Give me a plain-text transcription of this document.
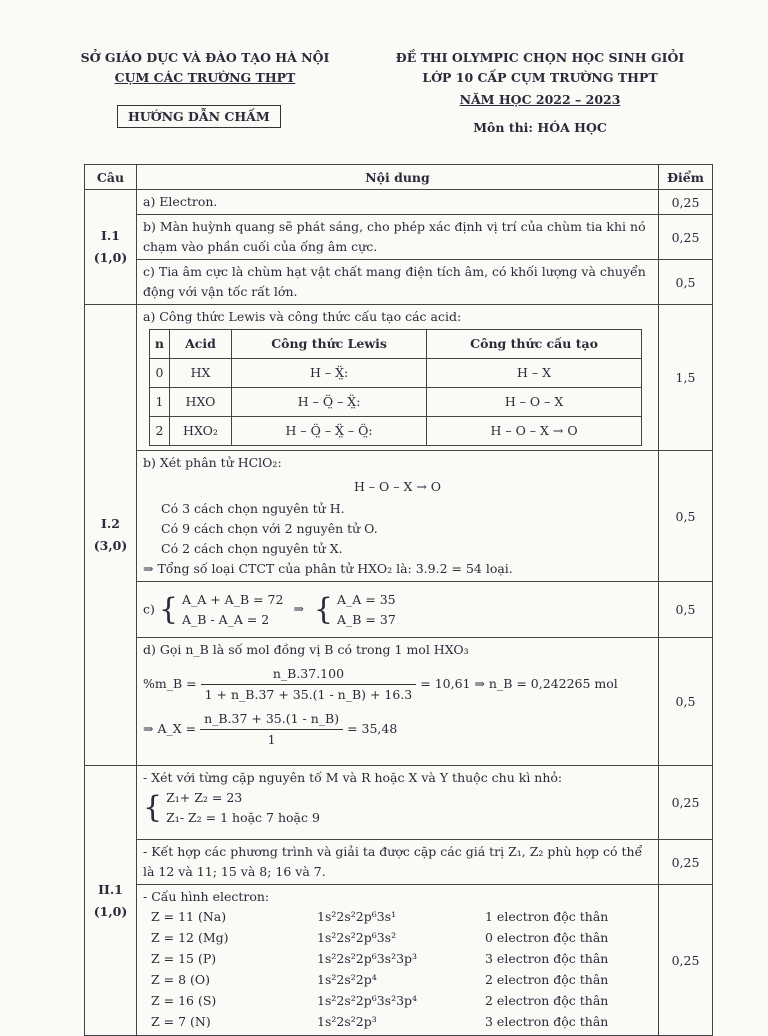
SỞ GIÁO DỤC VÀ ĐÀO TẠO HÀ NỘI
CỤM CÁC TRƯỜNG THPT
HƯỚNG DẪN CHẤM
ĐỀ THI OLYMPIC CHỌN HỌC SINH GIỎI
LỚP 10 CẤP CỤM TRƯỜNG THPT
NĂM HỌC 2022 – 2023
Môn thi: HÓA HỌC
Câu	Nội dung	Điểm

I.1
(1,0)
	a) Electron.	0,25
b) Màn huỳnh quang sẽ phát sáng, cho phép xác định vị trí của chùm tia khi nó chạm vào phần cuối của ống âm cực.	0,25
c) Tia âm cực là chùm hạt vật chất mang điện tích âm, có khối lượng và chuyển động với vận tốc rất lớn.	0,5

I.2
(3,0)

a) Công thức Lewis và công thức cấu tạo các acid:
n	Acid	Công thức Lewis	Công thức cấu tạo
0	HX	H – Ẍ̤:	H – X
1	HXO	H – Ö̤ – Ẍ̤:	H – O – X
2	HXO₂	H – Ö̤ – Ẍ̤ – Ö̤:	H – O – X → O
	1,5

b) Xét phân tử HClO₂:
H – O – X → O
Có 3 cách chọn nguyên tử H.
Có 9 cách chọn với 2 nguyên tử O.
Có 2 cách chọn nguyên tử X.
⇒ Tổng số loại CTCT của phân tử HXO₂ là: 3.9.2 = 54 loại.
	0,5
c) { A_A + A_B = 72
A_B - A_A = 2
⇒ { A_A = 35
A_B = 37
	0,5

d) Gọi n_B là số mol đồng vị B có trong 1 mol HXO₃
%m_B = $\frac{n\_B.37.100}{1 + n\_B.37 + 35.(1 - n\_B) + 16.3} = 10,61$ ⇒ n_B = 0,242265 mol
⇒ A_X = $\frac{n\_B.37 + 35.(1 - n\_B)}{1} = 35,48$
	0,5

II.1
(1,0)

- Xét với từng cặp nguyên tố M và R hoặc X và Y thuộc chu kì nhỏ:
{ Z₁+ Z₂ = 23
Z₁- Z₂ = 1 hoặc 7 hoặc 9
	0,25
- Kết hợp các phương trình và giải ta được cặp các giá trị Z₁, Z₂ phù hợp có thể là 12 và 11; 15 và 8; 16 và 7.	0,25

- Cấu hình electron:
Z = 11 (Na)	1s²2s²2p⁶3s¹	1 electron độc thân
Z = 12 (Mg)	1s²2s²2p⁶3s²	0 electron độc thân
Z = 15 (P)	1s²2s²2p⁶3s²3p³	3 electron độc thân
Z = 8 (O)	1s²2s²2p⁴	2 electron độc thân
Z = 16 (S)	1s²2s²2p⁶3s²3p⁴	2 electron độc thân
Z = 7 (N)	1s²2s²2p³	3 electron độc thân
	0,25
